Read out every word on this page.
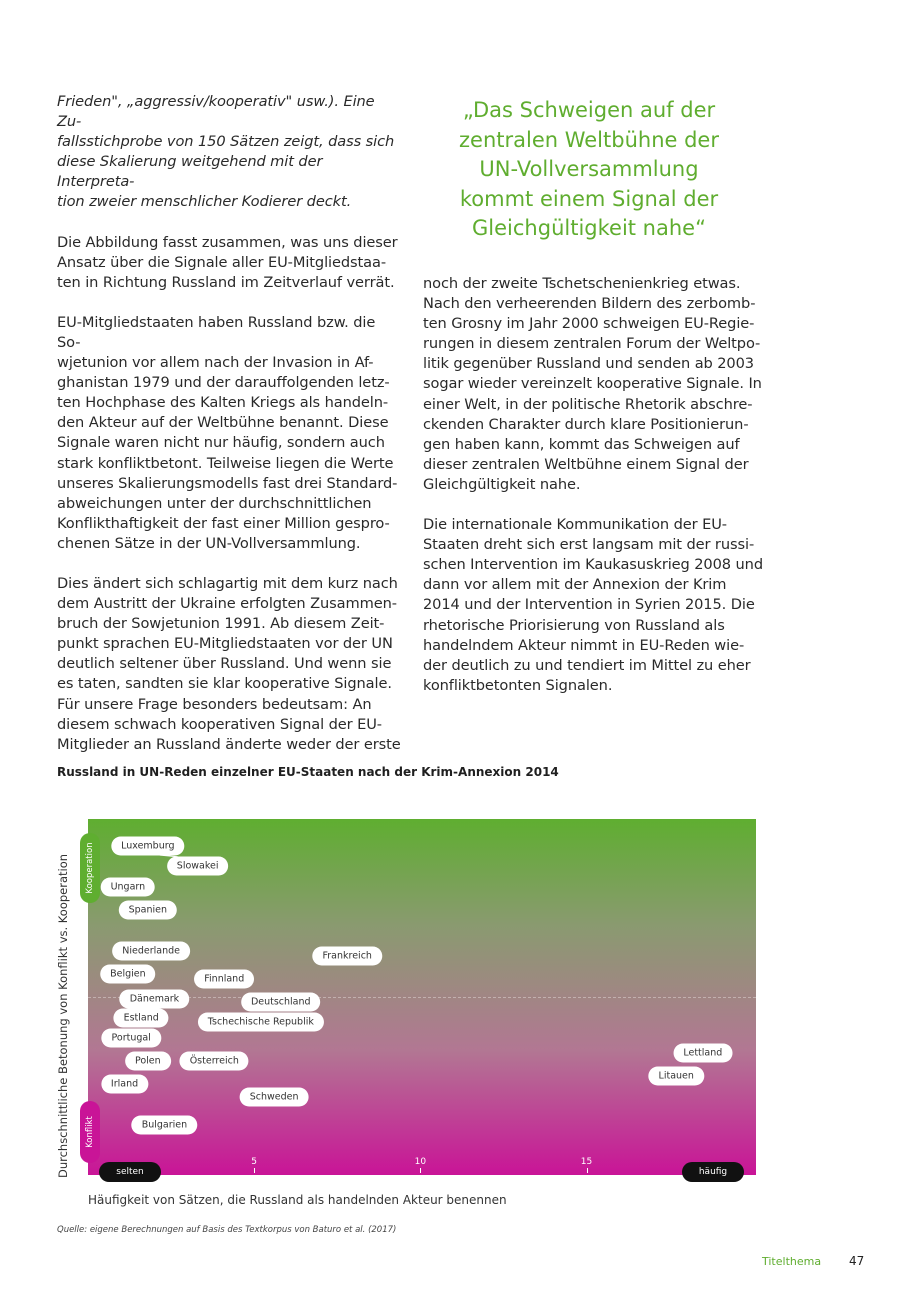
Frieden", „aggressiv/kooperativ" usw.). Eine Zu-
fallsstichprobe von 150 Sätzen zeigt, dass sich
diese Skalierung weitgehend mit der Interpreta-
tion zweier menschlicher Kodierer deckt.

Die Abbildung fasst zusammen, was uns dieser
Ansatz über die Signale aller EU-Mitgliedstaa-
ten in Richtung Russland im Zeitverlauf verrät.

EU-Mitgliedstaaten haben Russland bzw. die So-
wjetunion vor allem nach der Invasion in Af-
ghanistan 1979 und der darauffolgenden letz-
ten Hochphase des Kalten Kriegs als handeln-
den Akteur auf der Weltbühne benannt. Diese
Signale waren nicht nur häufig, sondern auch
stark konfliktbetont. Teilweise liegen die Werte
unseres Skalierungsmodells fast drei Standard-
abweichungen unter der durchschnittlichen
Konflikthaftigkeit der fast einer Million gespro-
chenen Sätze in der UN-Vollversammlung.

Dies ändert sich schlagartig mit dem kurz nach
dem Austritt der Ukraine erfolgten Zusammen-
bruch der Sowjetunion 1991. Ab diesem Zeit-
punkt sprachen EU-Mitgliedstaaten vor der UN
deutlich seltener über Russland. Und wenn sie
es taten, sandten sie klar kooperative Signale.
Für unsere Frage besonders bedeutsam: An
diesem schwach kooperativen Signal der EU-
Mitglieder an Russland änderte weder der erste

„Das Schweigen auf der
zentralen Weltbühne der
UN-Vollversammlung
kommt einem Signal der
Gleichgültigkeit nahe“

noch der zweite Tschetschenienkrieg etwas.
Nach den verheerenden Bildern des zerbomb-
ten Grosny im Jahr 2000 schweigen EU-Regie-
rungen in diesem zentralen Forum der Weltpo-
litik gegenüber Russland und senden ab 2003
sogar wieder vereinzelt kooperative Signale. In
einer Welt, in der politische Rhetorik abschre-
ckenden Charakter durch klare Positionierun-
gen haben kann, kommt das Schweigen auf
dieser zentralen Weltbühne einem Signal der
Gleichgültigkeit nahe.

Die internationale Kommunikation der EU-
Staaten dreht sich erst langsam mit der russi-
schen Intervention im Kaukasuskrieg 2008 und
dann vor allem mit der Annexion der Krim
2014 und der Intervention in Syrien 2015. Die
rhetorische Priorisierung von Russland als
handelndem Akteur nimmt in EU-Reden wie-
der deutlich zu und tendiert im Mittel zu eher
konfliktbetonten Signalen.

Russland in UN-Reden einzelner EU-Staaten nach der Krim-Annexion 2014
Luxemburg
Slowakei
Ungarn
Spanien
Niederlande	Frankreich
Belgien	Finnland
Dänemark	Deutschland
Estland	Tschechische Republik
Portugal
Lettland
Polen	Österreich
Litauen
Irland
Schweden
Bulgarien
5	10	15
Kooperation
Konflikt
selten	häufig
Durchschnittliche Betonung von Konflikt vs. Kooperation
Häufigkeit von Sätzen, die Russland als handelnden Akteur benennen
Quelle: eigene Berechnungen auf Basis des Textkorpus von Baturo et al. (2017)
Titelthema 47
